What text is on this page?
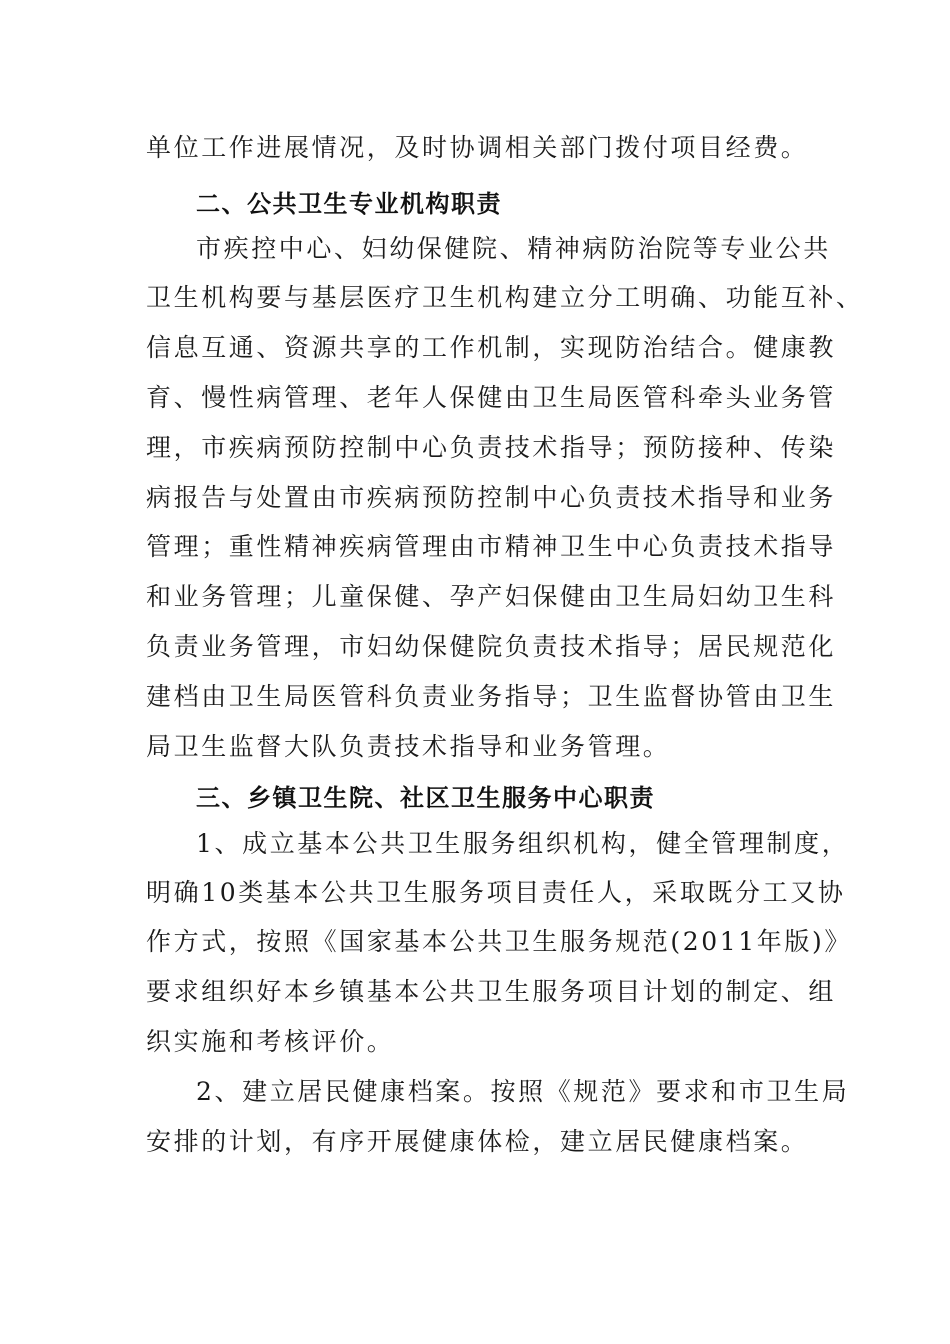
单位工作进展情况，及时协调相关部门拨付项目经费。
二、公共卫生专业机构职责
市疾控中心、妇幼保健院、精神病防治院等专业公共
卫生机构要与基层医疗卫生机构建立分工明确、功能互补、
信息互通、资源共享的工作机制，实现防治结合。健康教
育、慢性病管理、老年人保健由卫生局医管科牵头业务管
理，市疾病预防控制中心负责技术指导；预防接种、传染
病报告与处置由市疾病预防控制中心负责技术指导和业务
管理；重性精神疾病管理由市精神卫生中心负责技术指导
和业务管理；儿童保健、孕产妇保健由卫生局妇幼卫生科
负责业务管理，市妇幼保健院负责技术指导；居民规范化
建档由卫生局医管科负责业务指导；卫生监督协管由卫生
局卫生监督大队负责技术指导和业务管理。
三、乡镇卫生院、社区卫生服务中心职责
1、成立基本公共卫生服务组织机构，健全管理制度，
明确10类基本公共卫生服务项目责任人，采取既分工又协
作方式，按照《国家基本公共卫生服务规范(2011年版)》
要求组织好本乡镇基本公共卫生服务项目计划的制定、组
织实施和考核评价。
2、建立居民健康档案。按照《规范》要求和市卫生局
安排的计划，有序开展健康体检，建立居民健康档案。
